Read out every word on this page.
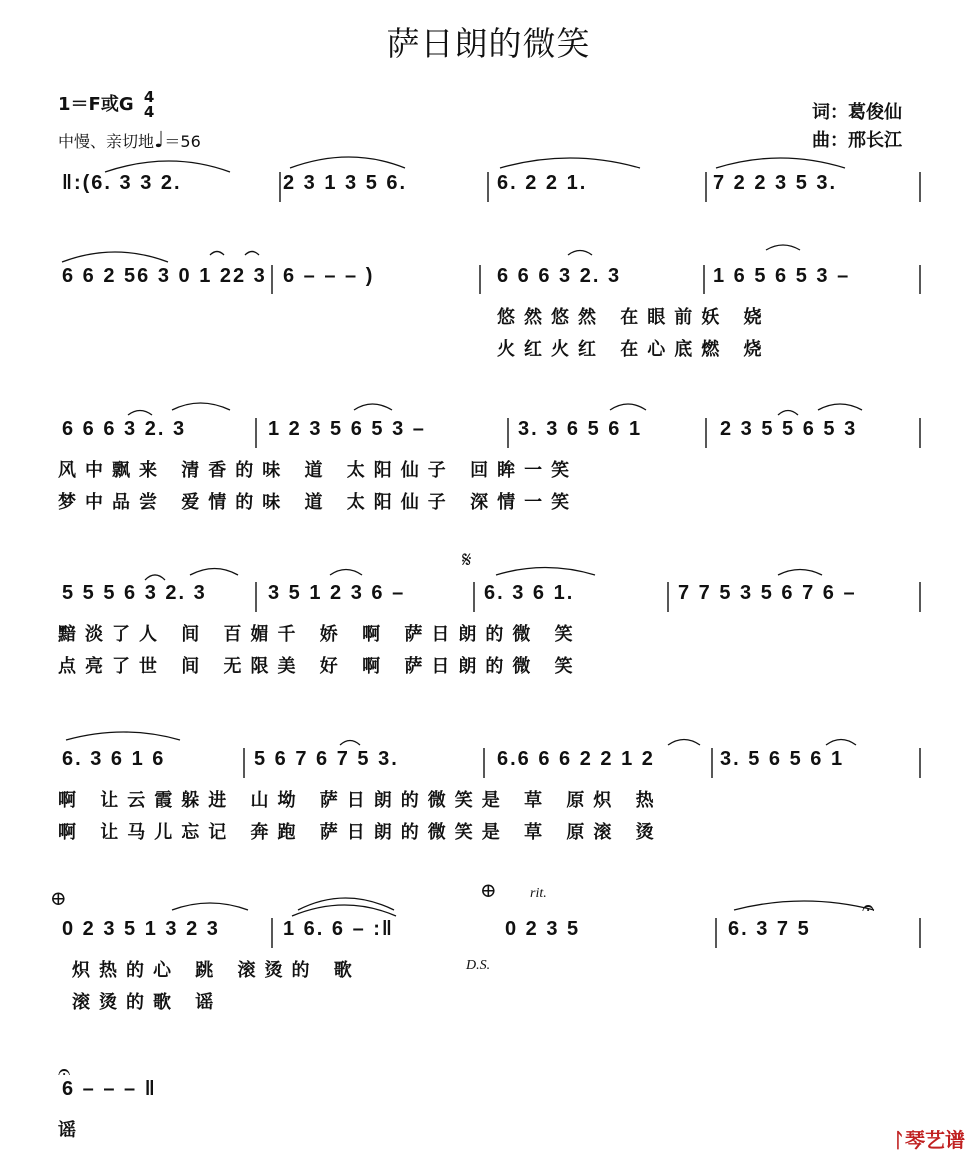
萨日朗的微笑
1＝F或G 4
4
中慢、亲切地♩＝56
词：葛俊仙
曲：邢长江
‖:(6. 3 3 2.	2 3 1 3 5 6.	6. 2 2 1.	7 2 2 3 5 3.
6 6 2 56 3 0 1 22 3 6 – – – )	6 6 6 3 2. 3	1 6 5 6 5 3 –
悠然悠然 在眼前妖 娆
火红火红 在心底燃 烧
6 6 6 3 2. 3	1 2 3 5 6 5 3 –	3. 3 6 5 6 1	2 3 5 5 6 5 3
风中飘来 清香的味 道 太阳仙子 回眸一笑
梦中品尝 爱情的味 道 太阳仙子 深情一笑
5 5 5 6 3 2. 3	3 5 1 2 3 6 –	6. 3 6 1.	7 7 5 3 5 6 7 6 –
黯淡了人 间 百媚千 娇 啊 萨日朗的微 笑
点亮了世 间 无限美 好 啊 萨日朗的微 笑
6. 3 6 1 6	5 6 7 6 7 5 3.	6.6 6 6 2 2 1 2	3. 5 6 5 6 1
啊 让云霞躲进 山坳 萨日朗的微笑是 草 原炽 热
啊 让马儿忘记 奔跑 萨日朗的微笑是 草 原滚 烫
0 2 3 5 1 3 2 3	1 6. 6 – :‖	0 2 3 5	6. 3 7 5
炽热的心 跳 滚烫的 歌
滚烫的歌 谣
6 – – – ‖
谣
𝄋
⊕	⊕ rit.
D.S.
𝄐
𝄐
ᛚ琴艺谱
